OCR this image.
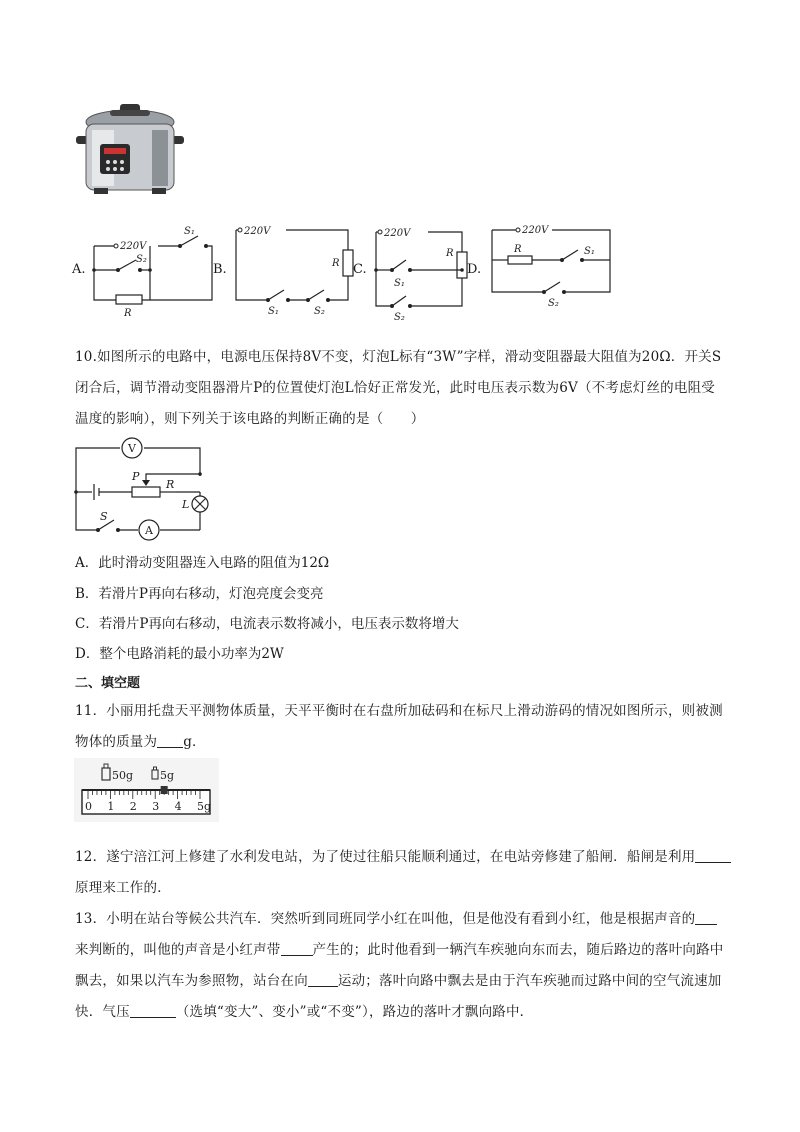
A.
220V
S₁
S₂
R
B.
220V
R
S₁	S₂
C.
220V
R
S₁
S₂
D.
220V
R	S₁
S₂
10.如图所示的电路中，电源电压保持8V不变，灯泡L标有“3W”字样，滑动变阻器最大阻值为20Ω．开关S
闭合后，调节滑动变阻器滑片P的位置使灯泡L恰好正常发光，此时电压表示数为6V（不考虑灯丝的电阻受
温度的影响），则下列关于该电路的判断正确的是（　　）
V
A
P
R
L
S
A．此时滑动变阻器连入电路的阻值为12Ω
B．若滑片P再向右移动，灯泡亮度会变亮
C．若滑片P再向右移动，电流表示数将减小，电压表示数将增大
D．整个电路消耗的最小功率为2W
二、填空题
11．小丽用托盘天平测物体质量，天平平衡时在右盘所加砝码和在标尺上滑动游码的情况如图所示，则被测
物体的质量为 g．
50g 5g
0 1 2 3 4 5g
12．遂宁涪江河上修建了水利发电站，为了使过往船只能顺利通过，在电站旁修建了船闸．船闸是利用
原理来工作的．
13．小明在站台等候公共汽车．突然听到同班同学小红在叫他，但是他没有看到小红，他是根据声音的
来判断的，叫他的声音是小红声带 产生的；此时他看到一辆汽车疾驰向东而去，随后路边的落叶向路中
飘去，如果以汽车为参照物，站台在向 运动；落叶向路中飘去是由于汽车疾驰而过路中间的空气流速加
快．气压	（选填“变大”、变小”或“不变”），路边的落叶才飘向路中．
